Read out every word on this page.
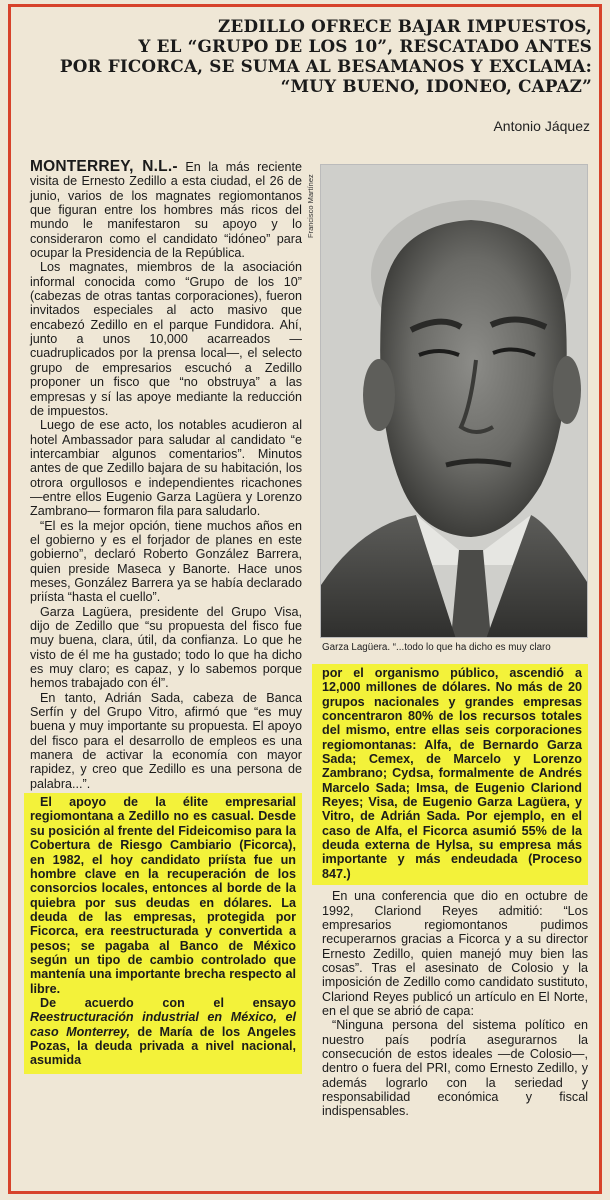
ZEDILLO OFRECE BAJAR IMPUESTOS,
Y EL “GRUPO DE LOS 10”, RESCATADO ANTES
POR FICORCA, SE SUMA AL BESAMANOS Y EXCLAMA:
“MUY BUENO, IDONEO, CAPAZ”
Antonio Jáquez

MONTERREY, N.L.- En la más reciente visita de Ernesto Zedillo a esta ciudad, el 26 de junio, varios de los magnates regiomontanos que figuran entre los hombres más ricos del mundo le manifestaron su apoyo y lo consideraron como el candidato “idóneo” para ocupar la Presidencia de la República.

Los magnates, miembros de la asociación informal conocida como “Grupo de los 10” (cabezas de otras tantas corporaciones), fueron invitados especiales al acto masivo que encabezó Zedillo en el parque Fundidora. Ahí, junto a unos 10,000 acarreados —cuadruplicados por la prensa local—, el selecto grupo de empresarios escuchó a Zedillo proponer un fisco que “no obstruya” a las empresas y sí las apoye mediante la reducción de impuestos.

Luego de ese acto, los notables acudieron al hotel Ambassador para saludar al candidato “e intercambiar algunos comentarios”. Minutos antes de que Zedillo bajara de su habitación, los otrora orgullosos e independientes ricachones —entre ellos Eugenio Garza Lagüera y Lorenzo Zambrano— formaron fila para saludarlo.

“El es la mejor opción, tiene muchos años en el gobierno y es el forjador de planes en este gobierno”, declaró Roberto González Barrera, quien preside Maseca y Banorte. Hace unos meses, González Barrera ya se había declarado priísta “hasta el cuello”.

Garza Lagüera, presidente del Grupo Visa, dijo de Zedillo que “su propuesta del fisco fue muy buena, clara, útil, da confianza. Lo que he visto de él me ha gustado; todo lo que ha dicho es muy claro; es capaz, y lo sabemos porque hemos trabajado con él”.

En tanto, Adrián Sada, cabeza de Banca Serfín y del Grupo Vitro, afirmó que “es muy buena y muy importante su propuesta. El apoyo del fisco para el desarrollo de empleos es una manera de activar la economía con mayor rapidez, y creo que Zedillo es una persona de palabra...”.

El apoyo de la élite empresarial regiomontana a Zedillo no es casual. Desde su posición al frente del Fideicomiso para la Cobertura de Riesgo Cambiario (Ficorca), en 1982, el hoy candidato priísta fue un hombre clave en la recuperación de los consorcios locales, entonces al borde de la quiebra por sus deudas en dólares. La deuda de las empresas, protegida por Ficorca, era reestructurada y convertida a pesos; se pagaba al Banco de México según un tipo de cambio controlado que mantenía una importante brecha respecto al libre.

De acuerdo con el ensayo Reestructuración industrial en México, el caso Monterrey, de María de los Angeles Pozas, la deuda privada a nivel nacional, asumida

Francisco Martínez
Garza Lagüera. “...todo lo que ha dicho es muy claro

por el organismo público, ascendió a 12,000 millones de dólares. No más de 20 grupos nacionales y grandes empresas concentraron 80% de los recursos totales del mismo, entre ellas seis corporaciones regiomontanas: Alfa, de Bernardo Garza Sada; Cemex, de Marcelo y Lorenzo Zambrano; Cydsa, formalmente de Andrés Marcelo Sada; Imsa, de Eugenio Clariond Reyes; Visa, de Eugenio Garza Lagüera, y Vitro, de Adrián Sada. Por ejemplo, en el caso de Alfa, el Ficorca asumió 55% de la deuda externa de Hylsa, su empresa más importante y más endeudada (Proceso 847.)

En una conferencia que dio en octubre de 1992, Clariond Reyes admitió: “Los empresarios regiomontanos pudimos recuperarnos gracias a Ficorca y a su director Ernesto Zedillo, quien manejó muy bien las cosas”. Tras el asesinato de Colosio y la imposición de Zedillo como candidato sustituto, Clariond Reyes publicó un artículo en El Norte, en el que se abrió de capa:

“Ninguna persona del sistema político en nuestro país podría asegurarnos la consecución de estos ideales —de Colosio—, dentro o fuera del PRI, como Ernesto Zedillo, y además lograrlo con la seriedad y responsabilidad económica y fiscal indispensables.
